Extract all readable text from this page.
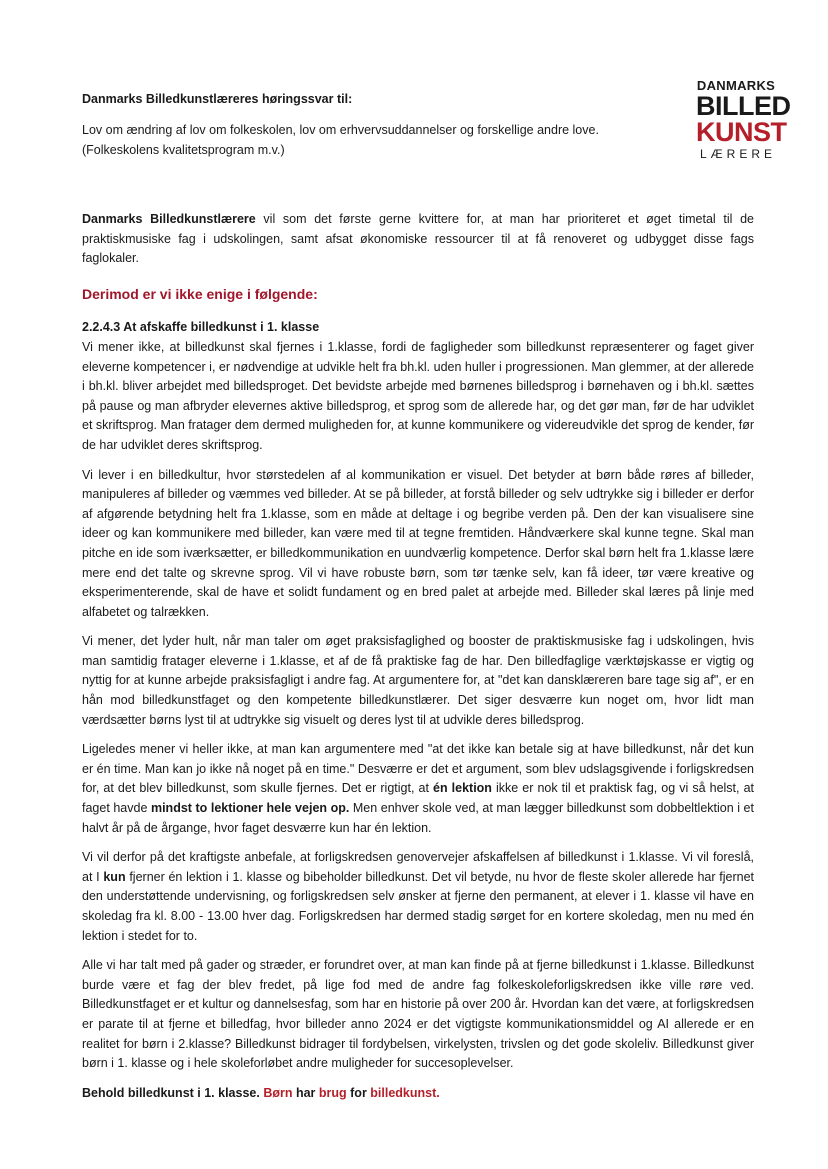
DANMARKS
BILLED
KUNST
LÆRERE
Danmarks Billedkunstlæreres høringssvar til:
Lov om ændring af lov om folkeskolen, lov om erhvervsuddannelser og forskellige andre love.
(Folkeskolens kvalitetsprogram m.v.)

Danmarks Billedkunstlærere vil som det første gerne kvittere for, at man har prioriteret et øget timetal til de praktiskmusiske fag i udskolingen, samt afsat økonomiske ressourcer til at få renoveret og udbygget disse fags faglokaler.

Derimod er vi ikke enige i følgende:
2.2.4.3 At afskaffe billedkunst i 1. klasse

Vi mener ikke, at billedkunst skal fjernes i 1.klasse, fordi de fagligheder som billedkunst repræsenterer og faget giver eleverne kompetencer i, er nødvendige at udvikle helt fra bh.kl. uden huller i progressionen. Man glemmer, at der allerede i bh.kl. bliver arbejdet med billedsproget. Det bevidste arbejde med børnenes billedsprog i børnehaven og i bh.kl. sættes på pause og man afbryder elevernes aktive billedsprog, et sprog som de allerede har, og det gør man, før de har udviklet et skriftsprog. Man fratager dem dermed muligheden for, at kunne kommunikere og videreudvikle det sprog de kender, før de har udviklet deres skriftsprog.

Vi lever i en billedkultur, hvor størstedelen af al kommunikation er visuel. Det betyder at børn både røres af billeder, manipuleres af billeder og væmmes ved billeder. At se på billeder, at forstå billeder og selv udtrykke sig i billeder er derfor af afgørende betydning helt fra 1.klasse, som en måde at deltage i og begribe verden på. Den der kan visualisere sine ideer og kan kommunikere med billeder, kan være med til at tegne fremtiden. Håndværkere skal kunne tegne. Skal man pitche en ide som iværksætter, er billedkommunikation en uundværlig kompetence. Derfor skal børn helt fra 1.klasse lære mere end det talte og skrevne sprog. Vil vi have robuste børn, som tør tænke selv, kan få ideer, tør være kreative og eksperimenterende, skal de have et solidt fundament og en bred palet at arbejde med. Billeder skal læres på linje med alfabetet og talrækken.

Vi mener, det lyder hult, når man taler om øget praksisfaglighed og booster de praktiskmusiske fag i udskolingen, hvis man samtidig fratager eleverne i 1.klasse, et af de få praktiske fag de har. Den billedfaglige værktøjskasse er vigtig og nyttig for at kunne arbejde praksisfagligt i andre fag. At argumentere for, at "det kan dansklæreren bare tage sig af", er en hån mod billedkunstfaget og den kompetente billedkunstlærer. Det siger desværre kun noget om, hvor lidt man værdsætter børns lyst til at udtrykke sig visuelt og deres lyst til at udvikle deres billedsprog.

Ligeledes mener vi heller ikke, at man kan argumentere med "at det ikke kan betale sig at have billedkunst, når det kun er én time. Man kan jo ikke nå noget på en time." Desværre er det et argument, som blev udslagsgivende i forligskredsen for, at det blev billedkunst, som skulle fjernes. Det er rigtigt, at én lektion ikke er nok til et praktisk fag, og vi så helst, at faget havde mindst to lektioner hele vejen op. Men enhver skole ved, at man lægger billedkunst som dobbeltlektion i et halvt år på de årgange, hvor faget desværre kun har én lektion.

Vi vil derfor på det kraftigste anbefale, at forligskredsen genovervejer afskaffelsen af billedkunst i 1.klasse. Vi vil foreslå, at I kun fjerner én lektion i 1. klasse og bibeholder billedkunst. Det vil betyde, nu hvor de fleste skoler allerede har fjernet den understøttende undervisning, og forligskredsen selv ønsker at fjerne den permanent, at elever i 1. klasse vil have en skoledag fra kl. 8.00 - 13.00 hver dag. Forligskredsen har dermed stadig sørget for en kortere skoledag, men nu med én lektion i stedet for to.

Alle vi har talt med på gader og stræder, er forundret over, at man kan finde på at fjerne billedkunst i 1.klasse. Billedkunst burde være et fag der blev fredet, på lige fod med de andre fag folkeskoleforligskredsen ikke ville røre ved. Billedkunstfaget er et kultur og dannelsesfag, som har en historie på over 200 år. Hvordan kan det være, at forligskredsen er parate til at fjerne et billedfag, hvor billeder anno 2024 er det vigtigste kommunikationsmiddel og AI allerede er en realitet for børn i 2.klasse? Billedkunst bidrager til fordybelsen, virkelysten, trivslen og det gode skoleliv. Billedkunst giver børn i 1. klasse og i hele skoleforløbet andre muligheder for succesoplevelser.

Behold billedkunst i 1. klasse. Børn har brug for billedkunst.
